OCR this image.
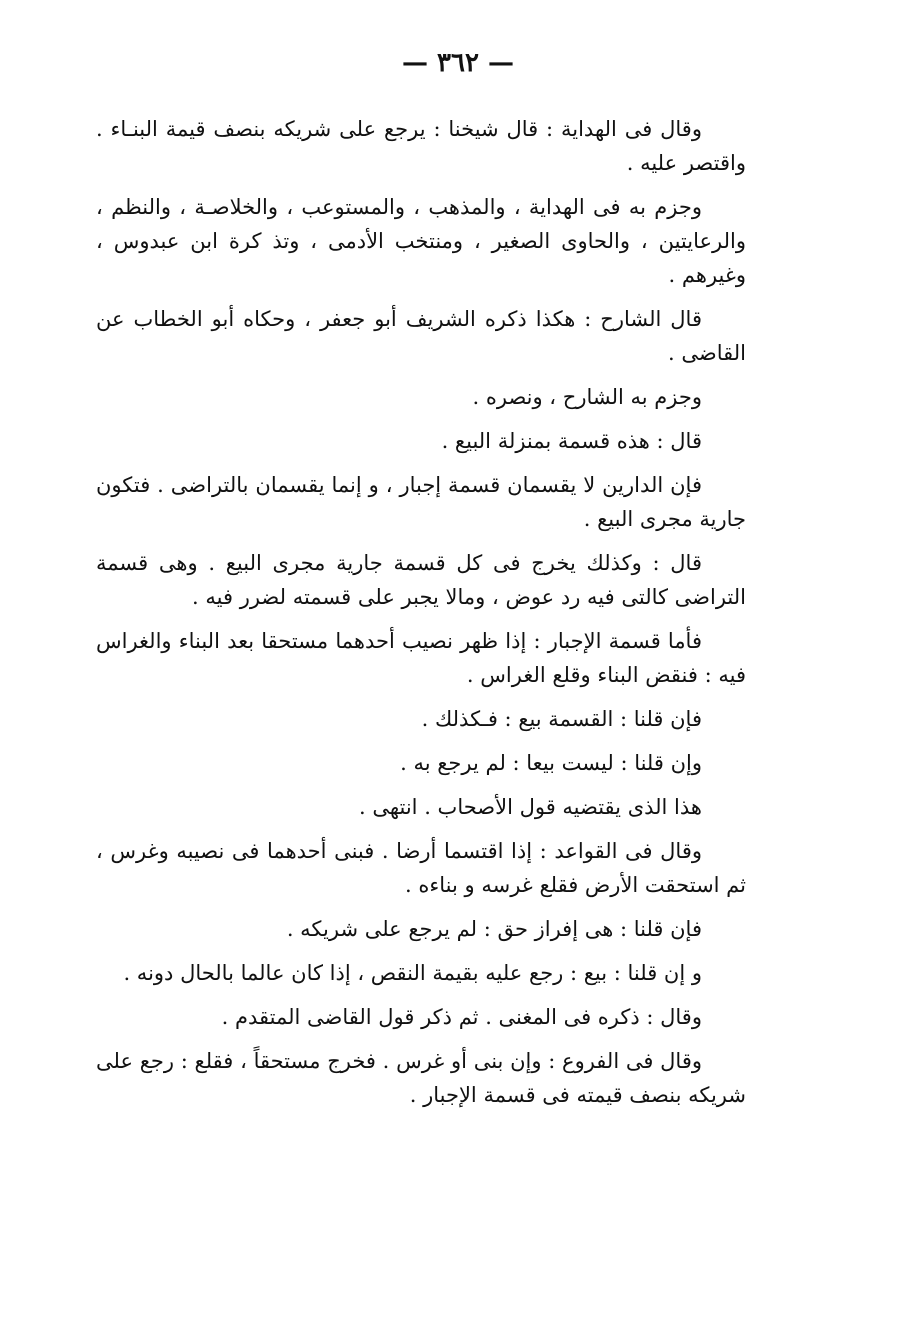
— ٣٦٢ —

وقال فى الهداية : قال شيخنا : يرجع على شريكه بنصف قيمة البنـاء . واقتصر عليه .

وجزم به فى الهداية ، والمذهب ، والمستوعب ، والخلاصـة ، والنظم ، والرعايتين ، والحاوى الصغير ، ومنتخب الأدمى ، وتذ كرة ابن عبدوس ، وغيرهم .

قال الشارح : هكذا ذكره الشريف أبو جعفر ، وحكاه أبو الخطاب عن القاضى .

وجزم به الشارح ، ونصره .

قال : هذه قسمة بمنزلة البيع .

فإن الدارين لا يقسمان قسمة إجبار ، و إنما يقسمان بالتراضى . فتكون جارية مجرى البيع .

قال : وكذلك يخرج فى كل قسمة جارية مجرى البيع . وهى قسمة التراضى كالتى فيه رد عوض ، ومالا يجبر على قسمته لضرر فيه .

فأما قسمة الإجبار : إذا ظهر نصيب أحدهما مستحقا بعد البناء والغراس فيه : فنقض البناء وقلع الغراس .

فإن قلنا : القسمة بيع : فـكذلك .

وإن قلنا : ليست بيعا : لم يرجع به .

هذا الذى يقتضيه قول الأصحاب . انتهى .

وقال فى القواعد : إذا اقتسما أرضا . فبنى أحدهما فى نصيبه وغرس ، ثم استحقت الأرض فقلع غرسه و بناءه .

فإن قلنا : هى إفراز حق : لم يرجع على شريكه .

و إن قلنا : بيع : رجع عليه بقيمة النقص ، إذا كان عالما بالحال دونه .

وقال : ذكره فى المغنى . ثم ذكر قول القاضى المتقدم .

وقال فى الفروع : وإن بنى أو غرس . فخرج مستحقاً ، فقلع : رجع على شريكه بنصف قيمته فى قسمة الإجبار .
